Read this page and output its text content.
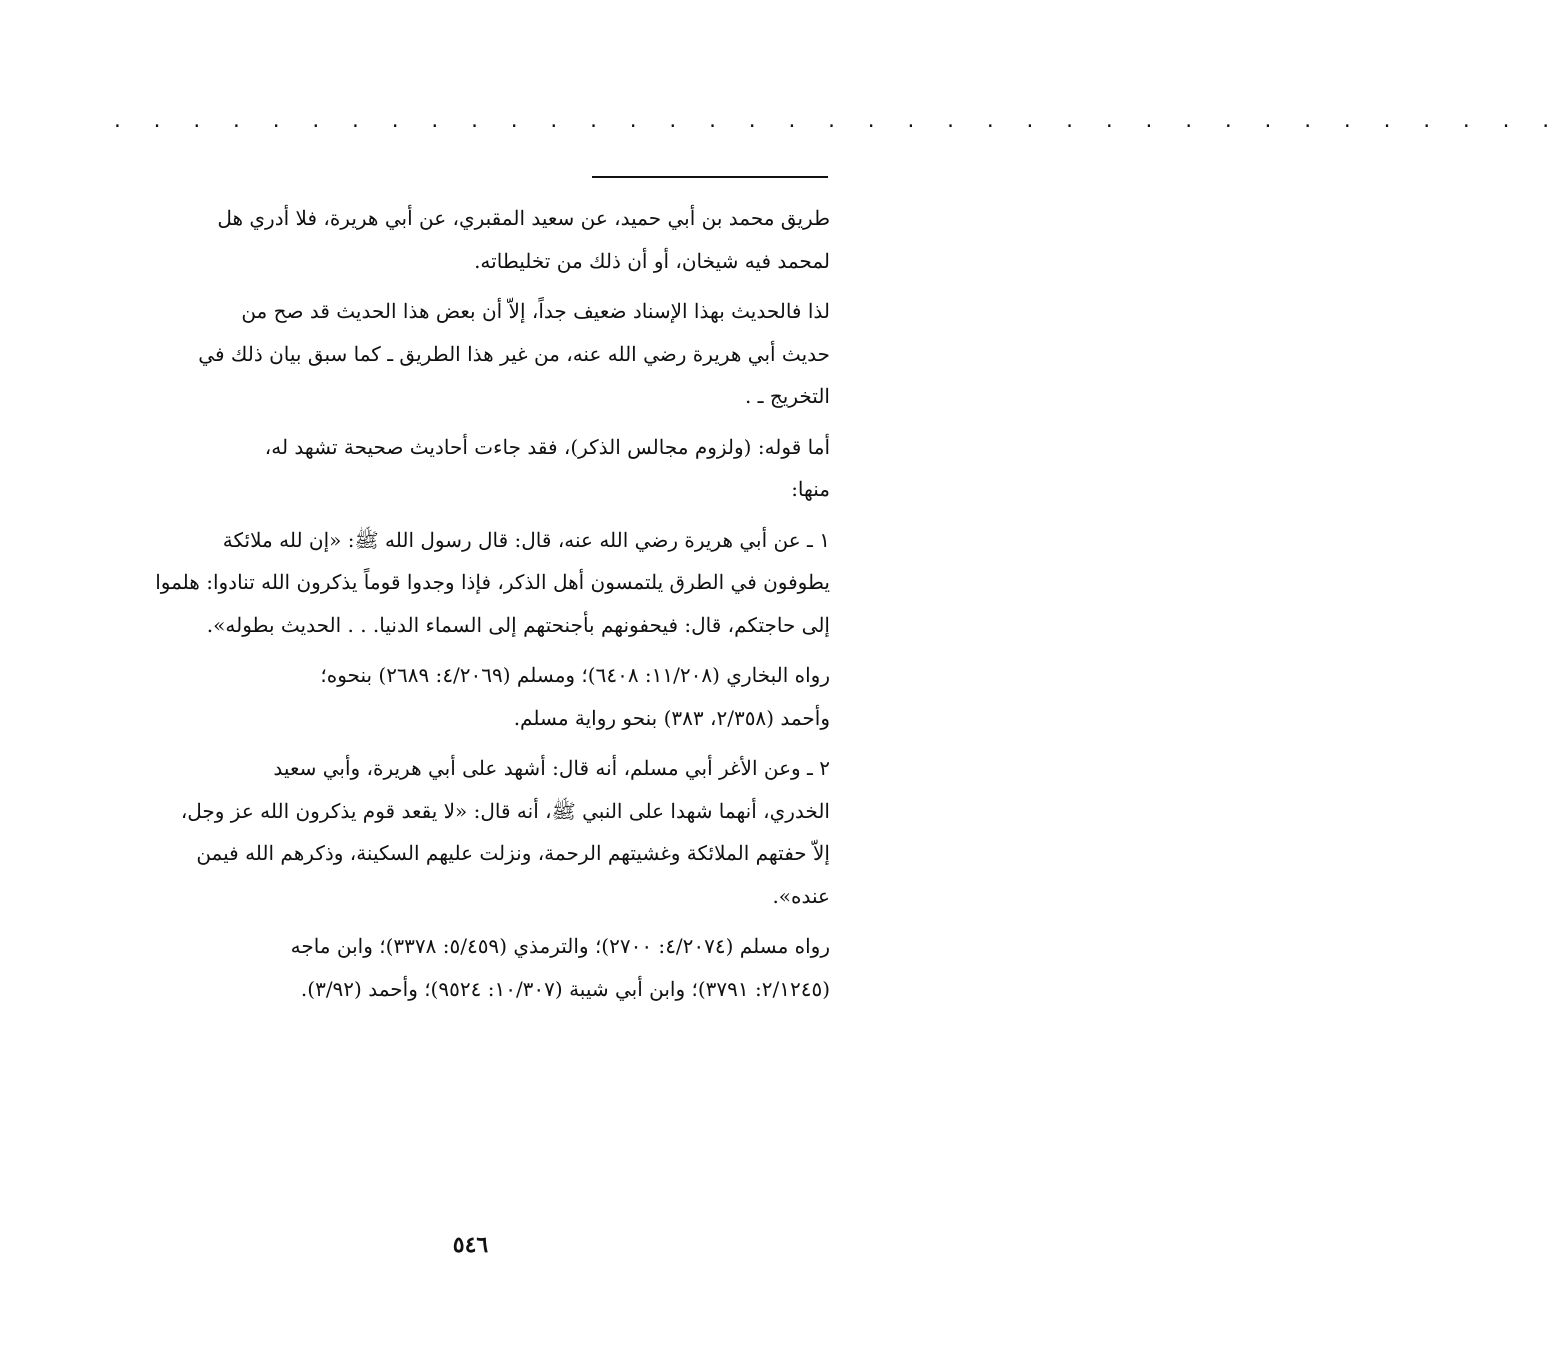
. . . . . . . . . . . . . . . . . . . . . . . . . . . . . . . . . . . . .

طريق محمد بن أبي حميد، عن سعيد المقبري، عن أبي هريرة، فلا أدري هل
لمحمد فيه شيخان، أو أن ذلك من تخليطاته.

لذا فالحديث بهذا الإسناد ضعيف جداً، إلاّ أن بعض هذا الحديث قد صح من
حديث أبي هريرة رضي الله عنه، من غير هذا الطريق ـ كما سبق بيان ذلك في
التخريج ـ .

أما قوله: (ولزوم مجالس الذكر)، فقد جاءت أحاديث صحيحة تشهد له،
منها:

١ ـ عن أبي هريرة رضي الله عنه، قال: قال رسول الله ﷺ: «إن لله ملائكة
يطوفون في الطرق يلتمسون أهل الذكر، فإذا وجدوا قوماً يذكرون الله تنادوا: هلموا
إلى حاجتكم، قال: فيحفونهم بأجنحتهم إلى السماء الدنيا. . . الحديث بطوله».

رواه البخاري (١١/٢٠٨: ٦٤٠٨)؛ ومسلم (٤/٢٠٦٩: ٢٦٨٩) بنحوه؛
وأحمد (٢/٣٥٨، ٣٨٣) بنحو رواية مسلم.

٢ ـ وعن الأغر أبي مسلم، أنه قال: أشهد على أبي هريرة، وأبي سعيد
الخدري، أنهما شهدا على النبي ﷺ، أنه قال: «لا يقعد قوم يذكرون الله عز وجل،
إلاّ حفتهم الملائكة وغشيتهم الرحمة، ونزلت عليهم السكينة، وذكرهم الله فيمن
عنده».

رواه مسلم (٤/٢٠٧٤: ٢٧٠٠)؛ والترمذي (٥/٤٥٩: ٣٣٧٨)؛ وابن ماجه
(٢/١٢٤٥: ٣٧٩١)؛ وابن أبي شيبة (١٠/٣٠٧: ٩٥٢٤)؛ وأحمد (٣/٩٢).

٥٤٦
